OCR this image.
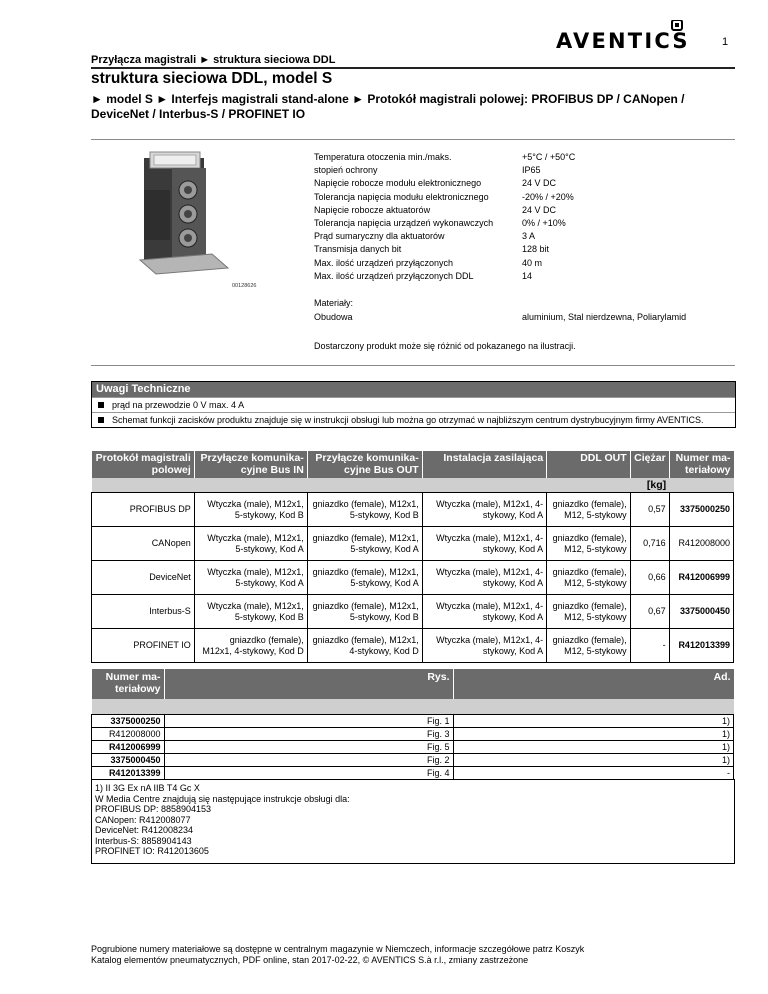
1
AVENTICS
Przyłącza magistrali ► struktura sieciowa DDL
struktura sieciowa DDL, model S
► model S ► Interfejs magistrali stand-alone ► Protokół magistrali polowej: PROFIBUS DP / CANopen / DeviceNet / Interbus-S / PROFINET IO
00128626
Temperatura otoczenia min./maks.	+5°C / +50°C
stopień ochrony	IP65
Napięcie robocze modułu elektronicznego	24 V DC
Tolerancja napięcia modułu elektronicznego	-20% / +20%
Napięcie robocze aktuatorów	24 V DC
Tolerancja napięcia urządzeń wykonawczych	0% / +10%
Prąd sumaryczny dla aktuatorów	3 A
Transmisja danych bit	128 bit
Max. ilość urządzeń przyłączonych	40 m
Max. ilość urządzeń przyłączonych DDL	14
Materiały:
Obudowa	aluminium, Stal nierdzewna, Poliarylamid
Dostarczony produkt może się różnić od pokazanego na ilustracji.
Uwagi Techniczne
prąd na przewodzie 0 V max. 4 A
Schemat funkcji zacisków produktu znajduje się w instrukcji obsługi lub można go otrzymać w najbliższym centrum dystrybucyjnym firmy AVENTICS.
Protokół magistrali polowej	Przyłącze komunika-cyjne Bus IN	Przyłącze komunika-cyjne Bus OUT	Instalacja zasilająca	DDL OUT	Ciężar	Numer ma-teriałowy
					[kg]	
PROFIBUS DP	Wtyczka (male), M12x1, 5-stykowy, Kod B	gniazdko (female), M12x1, 5-stykowy, Kod B	Wtyczka (male), M12x1, 4-stykowy, Kod A	gniazdko (female), M12, 5-stykowy	0,57	3375000250
CANopen	Wtyczka (male), M12x1, 5-stykowy, Kod A	gniazdko (female), M12x1, 5-stykowy, Kod A	Wtyczka (male), M12x1, 4-stykowy, Kod A	gniazdko (female), M12, 5-stykowy	0,716	R412008000
DeviceNet	Wtyczka (male), M12x1, 5-stykowy, Kod A	gniazdko (female), M12x1, 5-stykowy, Kod A	Wtyczka (male), M12x1, 4-stykowy, Kod A	gniazdko (female), M12, 5-stykowy	0,66	R412006999
Interbus-S	Wtyczka (male), M12x1, 5-stykowy, Kod B	gniazdko (female), M12x1, 5-stykowy, Kod B	Wtyczka (male), M12x1, 4-stykowy, Kod A	gniazdko (female), M12, 5-stykowy	0,67	3375000450
PROFINET IO	gniazdko (female), M12x1, 4-stykowy, Kod D	gniazdko (female), M12x1, 4-stykowy, Kod D	Wtyczka (male), M12x1, 4-stykowy, Kod A	gniazdko (female), M12, 5-stykowy	-	R412013399
Numer ma-teriałowy	Rys.	Ad.

3375000250	Fig. 1	1)
R412008000	Fig. 3	1)
R412006999	Fig. 5	1)
3375000450	Fig. 2	1)
R412013399	Fig. 4	-
1) II 3G Ex nA IIB T4 Gc X
W Media Centre znajdują się następujące instrukcje obsługi dla:
PROFIBUS DP: 8858904153
CANopen: R412008077
DeviceNet: R412008234
Interbus-S: 8858904143
PROFINET IO: R412013605
Pogrubione numery materiałowe są dostępne w centralnym magazynie w Niemczech, informacje szczegółowe patrz Koszyk
Katalog elementów pneumatycznych, PDF online, stan 2017-02-22, © AVENTICS S.à r.l., zmiany zastrzeżone
